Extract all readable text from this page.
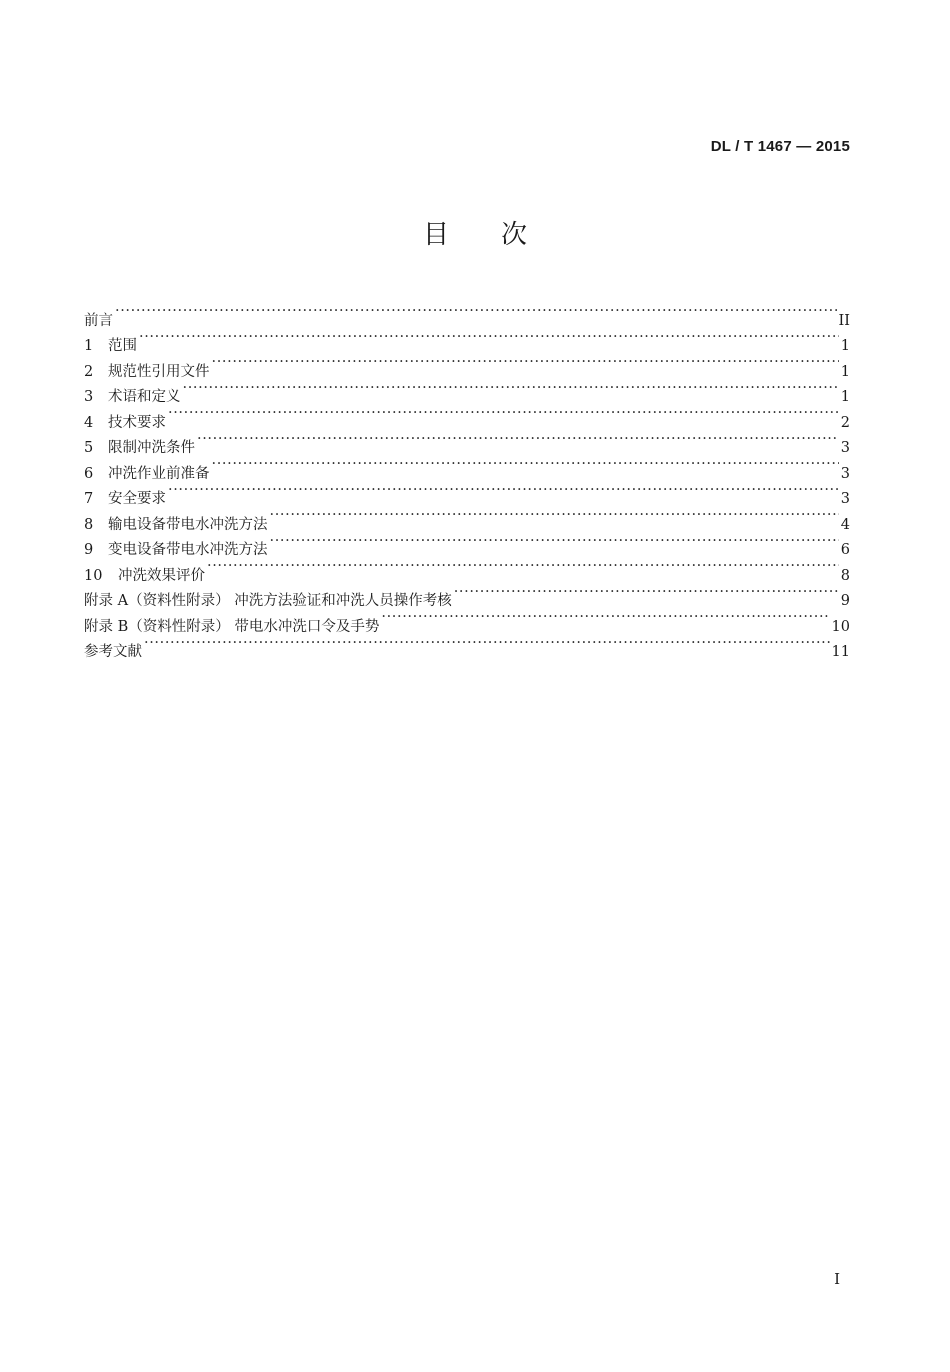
DL / T 1467 — 2015
目次
前言 ·····	II
1	范围 ·····	1
2	规范性引用文件 ·····	1
3	术语和定义 ·····	1
4	技术要求 ·····	2
5	限制冲洗条件 ·····	3
6	冲洗作业前准备 ·····	3
7	安全要求 ·····	3
8	输电设备带电水冲洗方法 ·····	4
9	变电设备带电水冲洗方法 ·····	6
10	冲洗效果评价 ·····	8
附录 A（资料性附录） 冲洗方法验证和冲洗人员操作考核 ·····	9
附录 B（资料性附录） 带电水冲洗口令及手势 ·····	10
参考文献 ·····	11
I
